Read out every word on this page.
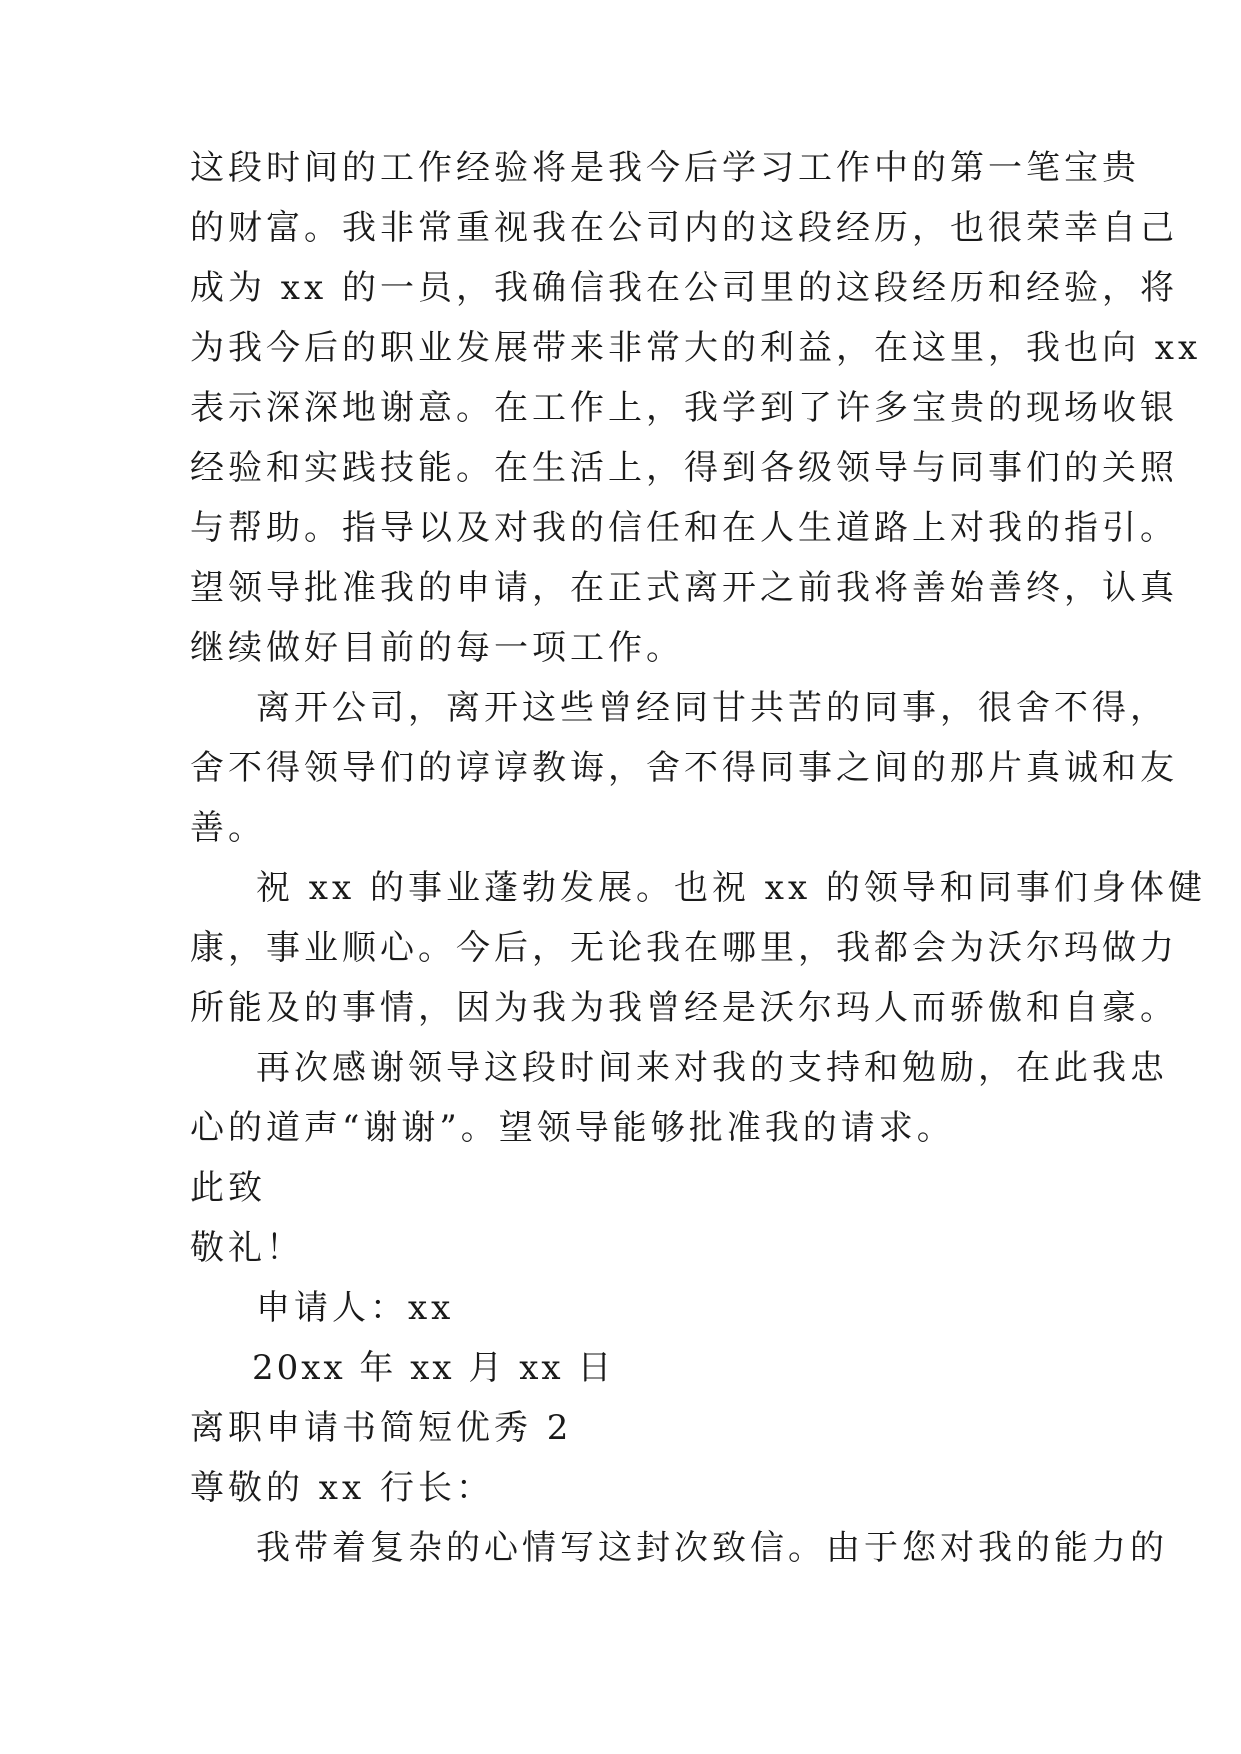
这段时间的工作经验将是我今后学习工作中的第一笔宝贵
的财富。我非常重视我在公司内的这段经历，也很荣幸自己
成为 xx 的一员，我确信我在公司里的这段经历和经验，将
为我今后的职业发展带来非常大的利益，在这里，我也向 xx
表示深深地谢意。在工作上，我学到了许多宝贵的现场收银
经验和实践技能。在生活上，得到各级领导与同事们的关照
与帮助。指导以及对我的信任和在人生道路上对我的指引。
望领导批准我的申请，在正式离开之前我将善始善终，认真
继续做好目前的每一项工作。
离开公司，离开这些曾经同甘共苦的同事，很舍不得，
舍不得领导们的谆谆教诲，舍不得同事之间的那片真诚和友
善。
祝 xx 的事业蓬勃发展。也祝 xx 的领导和同事们身体健
康，事业顺心。今后，无论我在哪里，我都会为沃尔玛做力
所能及的事情，因为我为我曾经是沃尔玛人而骄傲和自豪。
再次感谢领导这段时间来对我的支持和勉励，在此我忠
心的道声“谢谢”。望领导能够批准我的请求。
此致
敬礼！
申请人：xx
20xx 年 xx 月 xx 日
离职申请书简短优秀 2
尊敬的 xx 行长：
我带着复杂的心情写这封次致信。由于您对我的能力的
